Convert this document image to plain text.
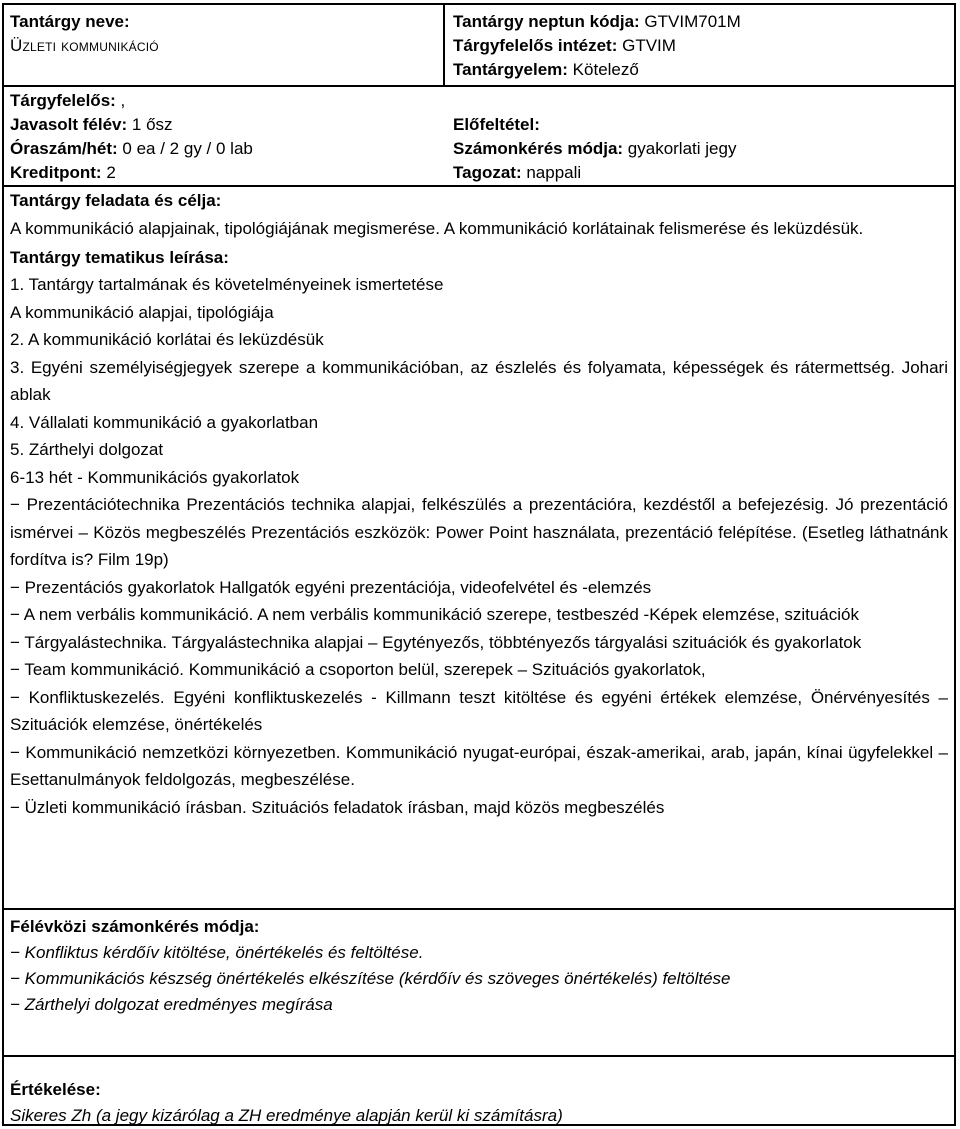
Tantárgy neve:
Üzleti kommunikáció
Tantárgy neptun kódja: GTVIM701M
Tárgyfelelős intézet: GTVIM
Tantárgyelem: Kötelező
Tárgyfelelős: ,
Javasolt félév: 1 ősz	Előfeltétel:
Óraszám/hét: 0 ea / 2 gy / 0 lab	Számonkérés módja: gyakorlati jegy
Kreditpont: 2	Tagozat: nappali
Tantárgy feladata és célja:

A kommunikáció alapjainak, tipológiájának megismerése. A kommunikáció korlátainak felismerése és leküzdésük.

Tantárgy tematikus leírása:

1. Tantárgy tartalmának és követelményeinek ismertetése

A kommunikáció alapjai, tipológiája

2. A kommunikáció korlátai és leküzdésük

3. Egyéni személyiségjegyek szerepe a kommunikációban, az észlelés és folyamata, képességek és rátermettség. Johari ablak

4. Vállalati kommunikáció a gyakorlatban

5. Zárthelyi dolgozat

6-13 hét - Kommunikációs gyakorlatok

− Prezentációtechnika Prezentációs technika alapjai, felkészülés a prezentációra, kezdéstől a befejezésig. Jó prezentáció ismérvei – Közös megbeszélés Prezentációs eszközök: Power Point használata, prezentáció felépítése. (Esetleg láthatnánk fordítva is? Film 19p)

− Prezentációs gyakorlatok Hallgatók egyéni prezentációja, videofelvétel és -elemzés

− A nem verbális kommunikáció. A nem verbális kommunikáció szerepe, testbeszéd -Képek elemzése, szituációk

− Tárgyalástechnika. Tárgyalástechnika alapjai – Egytényezős, többtényezős tárgyalási szituációk és gyakorlatok

− Team kommunikáció. Kommunikáció a csoporton belül, szerepek – Szituációs gyakorlatok,

− Konfliktuskezelés. Egyéni konfliktuskezelés - Killmann teszt kitöltése és egyéni értékek elemzése, Önérvényesítés – Szituációk elemzése, önértékelés

− Kommunikáció nemzetközi környezetben. Kommunikáció nyugat-európai, észak-amerikai, arab, japán, kínai ügyfelekkel – Esettanulmányok feldolgozás, megbeszélése.

− Üzleti kommunikáció írásban. Szituációs feladatok írásban, majd közös megbeszélés

Félévközi számonkérés módja:

− Konfliktus kérdőív kitöltése, önértékelés és feltöltése.

− Kommunikációs készség önértékelés elkészítése (kérdőív és szöveges önértékelés) feltöltése

− Zárthelyi dolgozat eredményes megírása

Értékelése:

Sikeres Zh (a jegy kizárólag a ZH eredménye alapján kerül ki számításra)
